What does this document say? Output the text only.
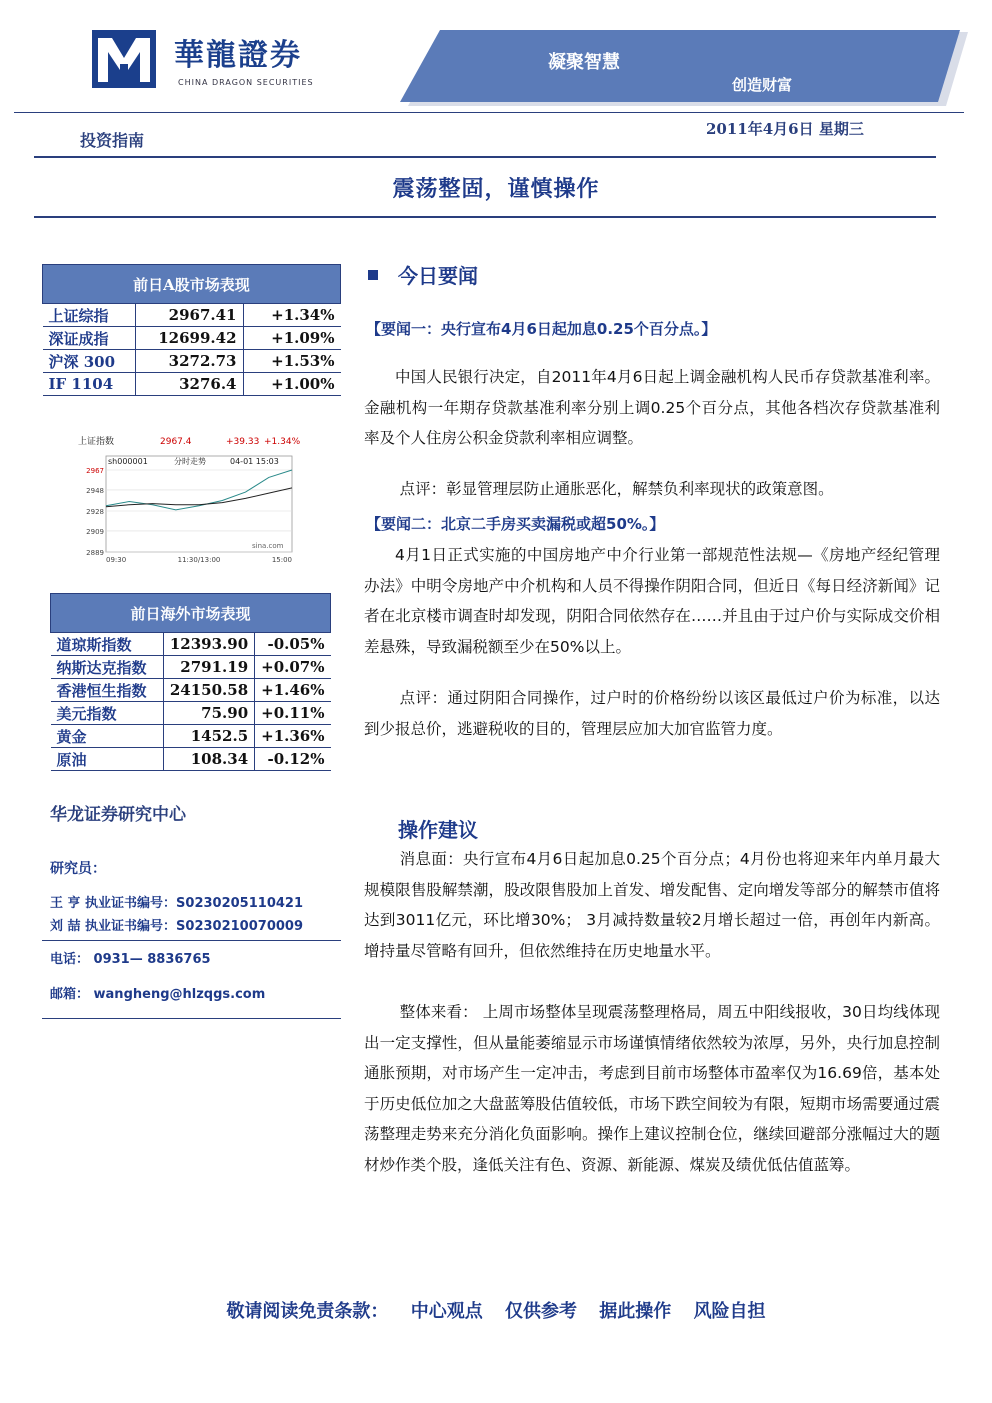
華龍證券
CHINA DRAGON SECURITIES
凝聚智慧
创造财富
投资指南
2011年4月6日 星期三
震荡整固，谨慎操作
前日A股市场表现		
上证综指	2967.41	+1.34%
深证成指	12699.42	+1.09%
沪深 300	3272.73	+1.53%
IF 1104	3276.4	+1.00%
上证指数	2967.4	+39.33 +1.34%
sh000001	分时走势	04-01 15:03
sina.com
2967
2948
2928
2909
2889
09:30	11:30/13:00	15:00
前日海外市场表现		
道琼斯指数	12393.90	-0.05%
纳斯达克指数	2791.19	+0.07%
香港恒生指数	24150.58	+1.46%
美元指数	75.90	+0.11%
黄金	1452.5	+1.36%
原油	108.34	-0.12%
华龙证券研究中心
研究员：
王 亨 执业证书编号：S0230205110421
刘 喆 执业证书编号：S0230210070009
电话： 0931— 8836765
邮箱： wangheng@hlzqgs.com
今日要闻
【要闻一：央行宣布4月6日起加息0.25个百分点。】
中国人民银行决定，自2011年4月6日起上调金融机构人民币存贷款基准利率。金融机构一年期存贷款基准利率分别上调0.25个百分点，其他各档次存贷款基准利率及个人住房公积金贷款利率相应调整。
点评：彰显管理层防止通胀恶化，解禁负利率现状的政策意图。
【要闻二：北京二手房买卖漏税或超50%。】
4月1日正式实施的中国房地产中介行业第一部规范性法规—《房地产经纪管理办法》中明令房地产中介机构和人员不得操作阴阳合同，但近日《每日经济新闻》记者在北京楼市调查时却发现，阴阳合同依然存在……并且由于过户价与实际成交价相差悬殊，导致漏税额至少在50%以上。
点评：通过阴阳合同操作，过户时的价格纷纷以该区最低过户价为标准，以达到少报总价，逃避税收的目的，管理层应加大加官监管力度。
操作建议
消息面：央行宣布4月6日起加息0.25个百分点；4月份也将迎来年内单月最大规模限售股解禁潮，股改限售股加上首发、增发配售、定向增发等部分的解禁市值将达到3011亿元，环比增30%； 3月减持数量较2月增长超过一倍，再创年内新高。增持量尽管略有回升，但依然维持在历史地量水平。
整体来看： 上周市场整体呈现震荡整理格局，周五中阳线报收，30日均线体现出一定支撑性，但从量能萎缩显示市场谨慎情绪依然较为浓厚，另外，央行加息控制通胀预期，对市场产生一定冲击，考虑到目前市场整体市盈率仅为16.69倍，基本处于历史低位加之大盘蓝筹股估值较低，市场下跌空间较为有限，短期市场需要通过震荡整理走势来充分消化负面影响。操作上建议控制仓位，继续回避部分涨幅过大的题材炒作类个股，逢低关注有色、资源、新能源、煤炭及绩优低估值蓝筹。
敬请阅读免责条款： 中心观点 仅供参考 据此操作 风险自担
